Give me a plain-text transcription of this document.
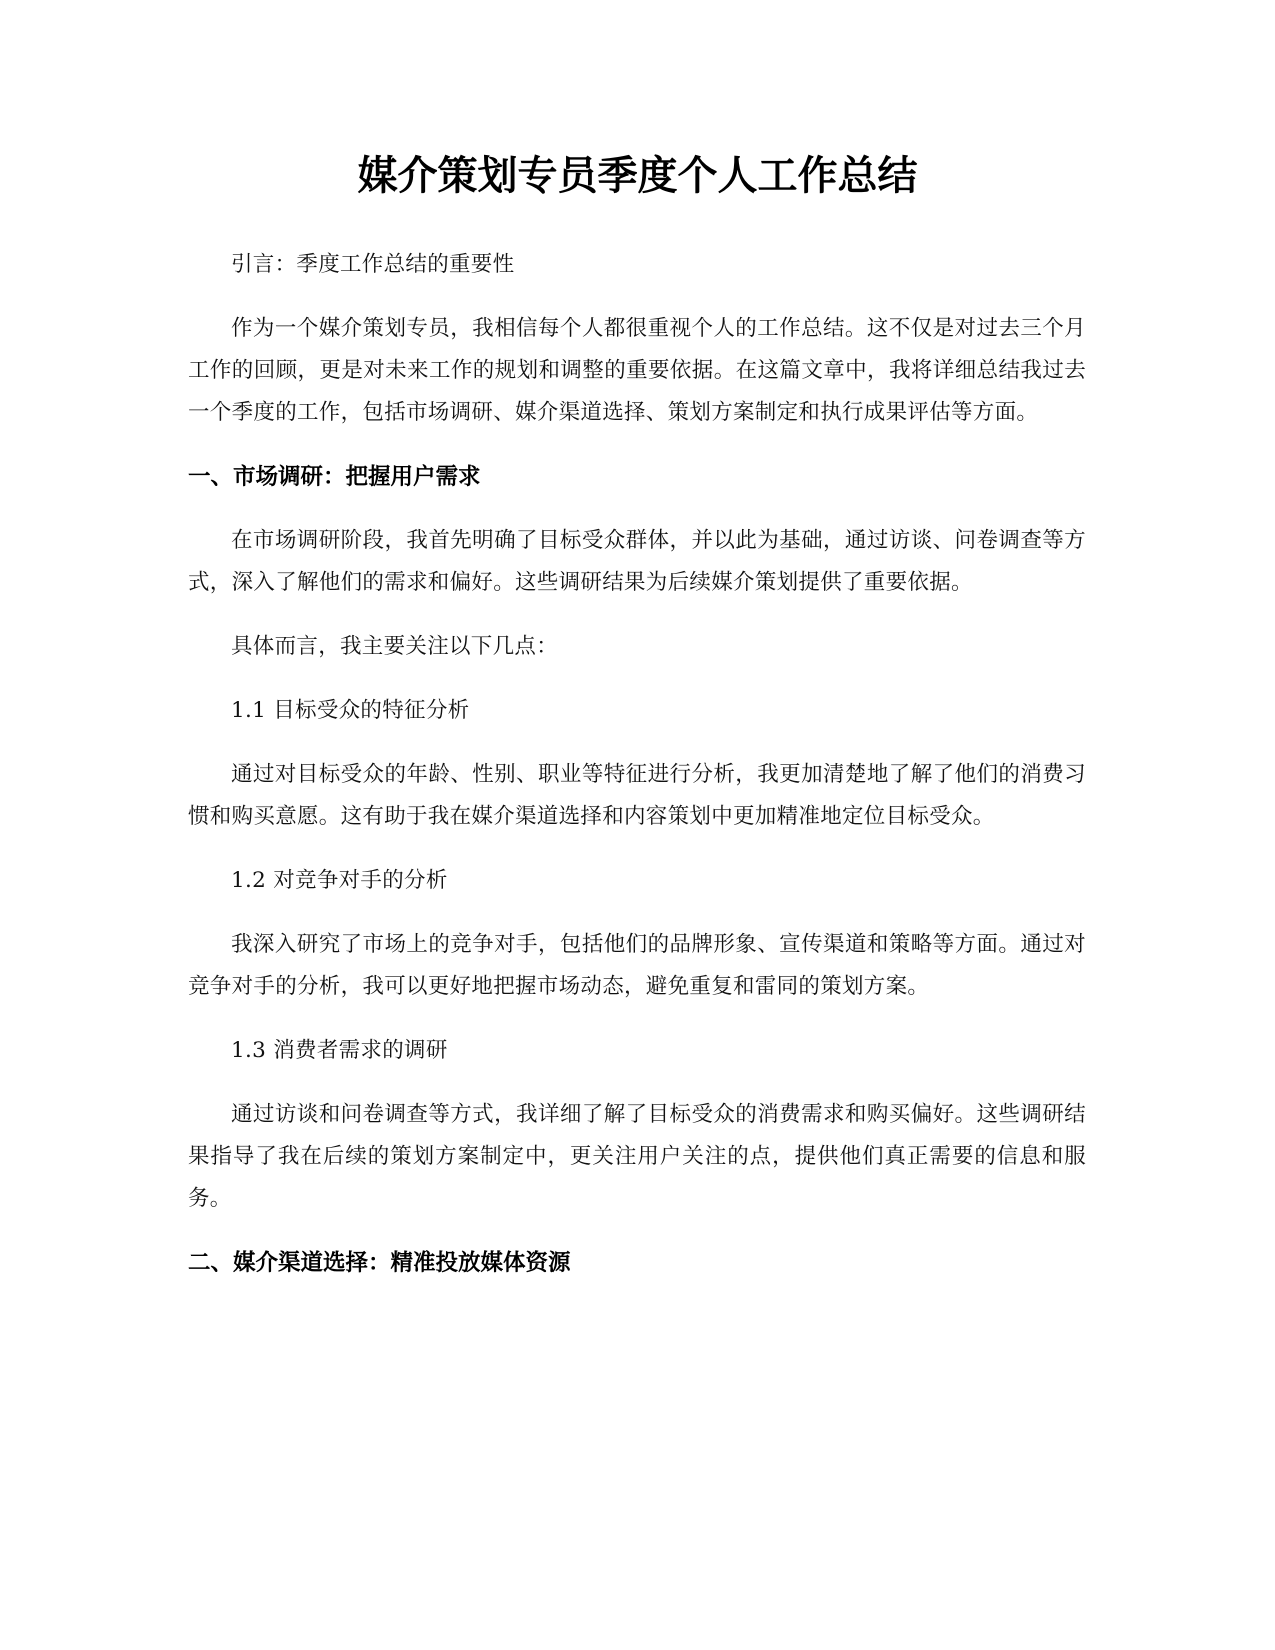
媒介策划专员季度个人工作总结

引言：季度工作总结的重要性

作为一个媒介策划专员，我相信每个人都很重视个人的工作总结。这不仅是对过去三个月工作的回顾，更是对未来工作的规划和调整的重要依据。在这篇文章中，我将详细总结我过去一个季度的工作，包括市场调研、媒介渠道选择、策划方案制定和执行成果评估等方面。

一、市场调研：把握用户需求

在市场调研阶段，我首先明确了目标受众群体，并以此为基础，通过访谈、问卷调查等方式，深入了解他们的需求和偏好。这些调研结果为后续媒介策划提供了重要依据。

具体而言，我主要关注以下几点：

1.1 目标受众的特征分析

通过对目标受众的年龄、性别、职业等特征进行分析，我更加清楚地了解了他们的消费习惯和购买意愿。这有助于我在媒介渠道选择和内容策划中更加精准地定位目标受众。

1.2 对竞争对手的分析

我深入研究了市场上的竞争对手，包括他们的品牌形象、宣传渠道和策略等方面。通过对竞争对手的分析，我可以更好地把握市场动态，避免重复和雷同的策划方案。

1.3 消费者需求的调研

通过访谈和问卷调查等方式，我详细了解了目标受众的消费需求和购买偏好。这些调研结果指导了我在后续的策划方案制定中，更关注用户关注的点，提供他们真正需要的信息和服务。

二、媒介渠道选择：精准投放媒体资源
